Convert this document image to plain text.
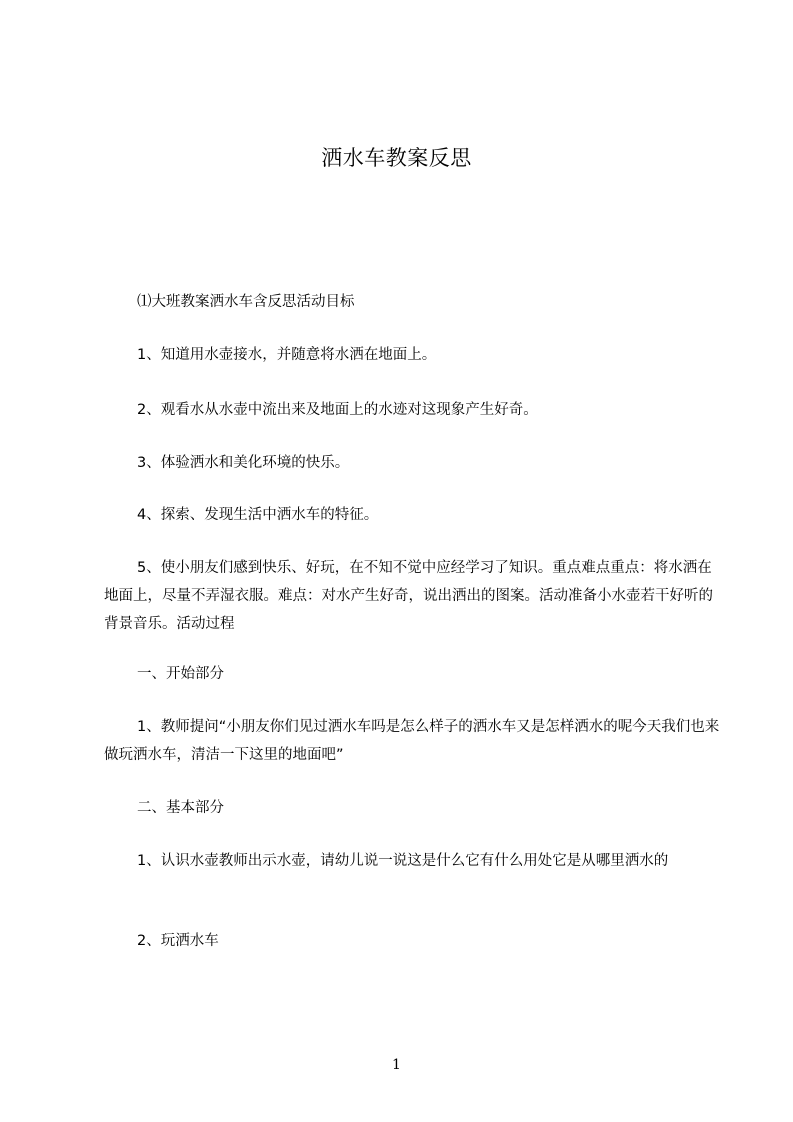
洒水车教案反思

⑴大班教案洒水车含反思活动目标

1、知道用水壶接水，并随意将水洒在地面上。

2、观看水从水壶中流出来及地面上的水迹对这现象产生好奇。

3、体验洒水和美化环境的快乐。

4、探索、发现生活中洒水车的特征。

5、使小朋友们感到快乐、好玩，在不知不觉中应经学习了知识。重点难点重点：将水洒在地面上，尽量不弄湿衣服。难点：对水产生好奇，说出洒出的图案。活动准备小水壶若干好听的背景音乐。活动过程

一、开始部分

1、教师提问“小朋友你们见过洒水车吗是怎么样子的洒水车又是怎样洒水的呢今天我们也来做玩洒水车，清洁一下这里的地面吧”

二、基本部分

1、认识水壶教师出示水壶，请幼儿说一说这是什么它有什么用处它是从哪里洒水的

2、玩洒水车

1
